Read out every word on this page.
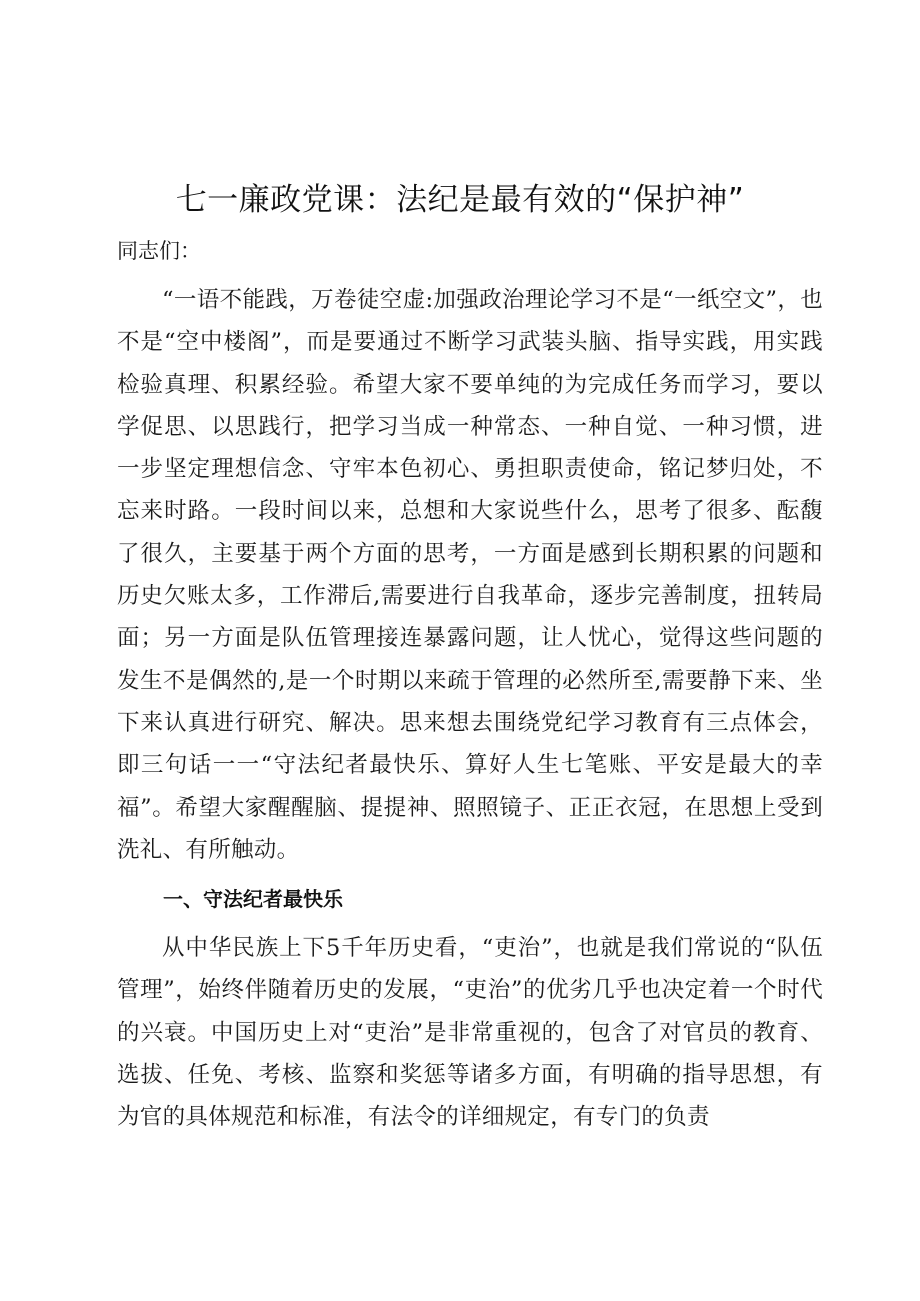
七一廉政党课：法纪是最有效的“保护神”

同志们：

“一语不能践，万卷徒空虚:加强政治理论学习不是“一纸空文”，也不是“空中楼阁”，而是要通过不断学习武装头脑、指导实践，用实践检验真理、积累经验。希望大家不要单纯的为完成任务而学习，要以学促思、以思践行，把学习当成一种常态、一种自觉、一种习惯，进一步坚定理想信念、守牢本色初心、勇担职责使命，铭记梦归处，不忘来时路。一段时间以来，总想和大家说些什么，思考了很多、酝馥了很久，主要基于两个方面的思考，一方面是感到长期积累的问题和历史欠账太多，工作滞后,需要进行自我革命，逐步完善制度，扭转局面；另一方面是队伍管理接连暴露问题，让人忧心，觉得这些问题的发生不是偶然的,是一个时期以来疏于管理的必然所至,需要静下来、坐下来认真进行研究、解决。思来想去围绕党纪学习教育有三点体会，即三句话一一“守法纪者最快乐、算好人生七笔账、平安是最大的幸福”。希望大家醒醒脑、提提神、照照镜子、正正衣冠，在思想上受到洗礼、有所触动。

一、守法纪者最快乐

从中华民族上下5千年历史看，“吏治”，也就是我们常说的“队伍管理”，始终伴随着历史的发展，“吏治”的优劣几乎也决定着一个时代的兴衰。中国历史上对“吏治”是非常重视的，包含了对官员的教育、选拔、任免、考核、监察和奖惩等诸多方面，有明确的指导思想，有为官的具体规范和标准，有法令的详细规定，有专门的负责
